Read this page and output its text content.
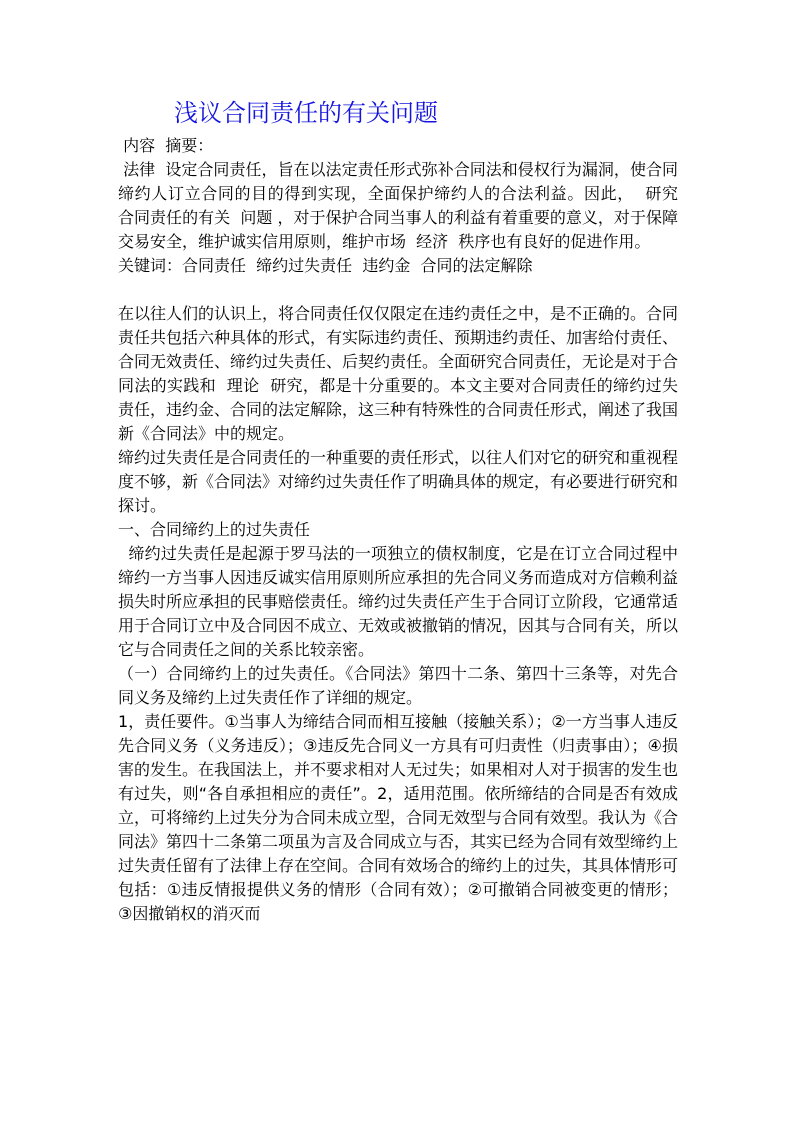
浅议合同责任的有关问题

内容  摘要：

法律  设定合同责任，旨在以法定责任形式弥补合同法和侵权行为漏洞，使合同缔约人订立合同的目的得到实现，全面保护缔约人的合法利益。因此，  研究  合同责任的有关  问题 ，对于保护合同当事人的利益有着重要的意义，对于保障交易安全，维护诚实信用原则，维护市场  经济  秩序也有良好的促进作用。

关键词：合同责任  缔约过失责任  违约金  合同的法定解除

在以往人们的认识上，将合同责任仅仅限定在违约责任之中，是不正确的。合同责任共包括六种具体的形式，有实际违约责任、预期违约责任、加害给付责任、合同无效责任、缔约过失责任、后契约责任。全面研究合同责任，无论是对于合同法的实践和  理论  研究，都是十分重要的。本文主要对合同责任的缔约过失责任，违约金、合同的法定解除，这三种有特殊性的合同责任形式，阐述了我国新《合同法》中的规定。

缔约过失责任是合同责任的一种重要的责任形式，以往人们对它的研究和重视程度不够，新《合同法》对缔约过失责任作了明确具体的规定，有必要进行研究和探讨。

一、合同缔约上的过失责任

缔约过失责任是起源于罗马法的一项独立的债权制度，它是在订立合同过程中缔约一方当事人因违反诚实信用原则所应承担的先合同义务而造成对方信赖利益损失时所应承担的民事赔偿责任。缔约过失责任产生于合同订立阶段，它通常适用于合同订立中及合同因不成立、无效或被撤销的情况，因其与合同有关，所以它与合同责任之间的关系比较亲密。

（一）合同缔约上的过失责任。《合同法》第四十二条、第四十三条等，对先合同义务及缔约上过失责任作了详细的规定。

1，责任要件。①当事人为缔结合同而相互接触（接触关系）；②一方当事人违反先合同义务（义务违反）；③违反先合同义一方具有可归责性（归责事由）；④损害的发生。在我国法上，并不要求相对人无过失；如果相对人对于损害的发生也有过失，则“各自承担相应的责任”。2，适用范围。依所缔结的合同是否有效成立，可将缔约上过失分为合同未成立型，合同无效型与合同有效型。我认为《合同法》第四十二条第二项虽为言及合同成立与否，其实已经为合同有效型缔约上过失责任留有了法律上存在空间。合同有效场合的缔约上的过失，其具体情形可包括：①违反情报提供义务的情形（合同有效）；②可撤销合同被变更的情形；③因撤销权的消灭而
